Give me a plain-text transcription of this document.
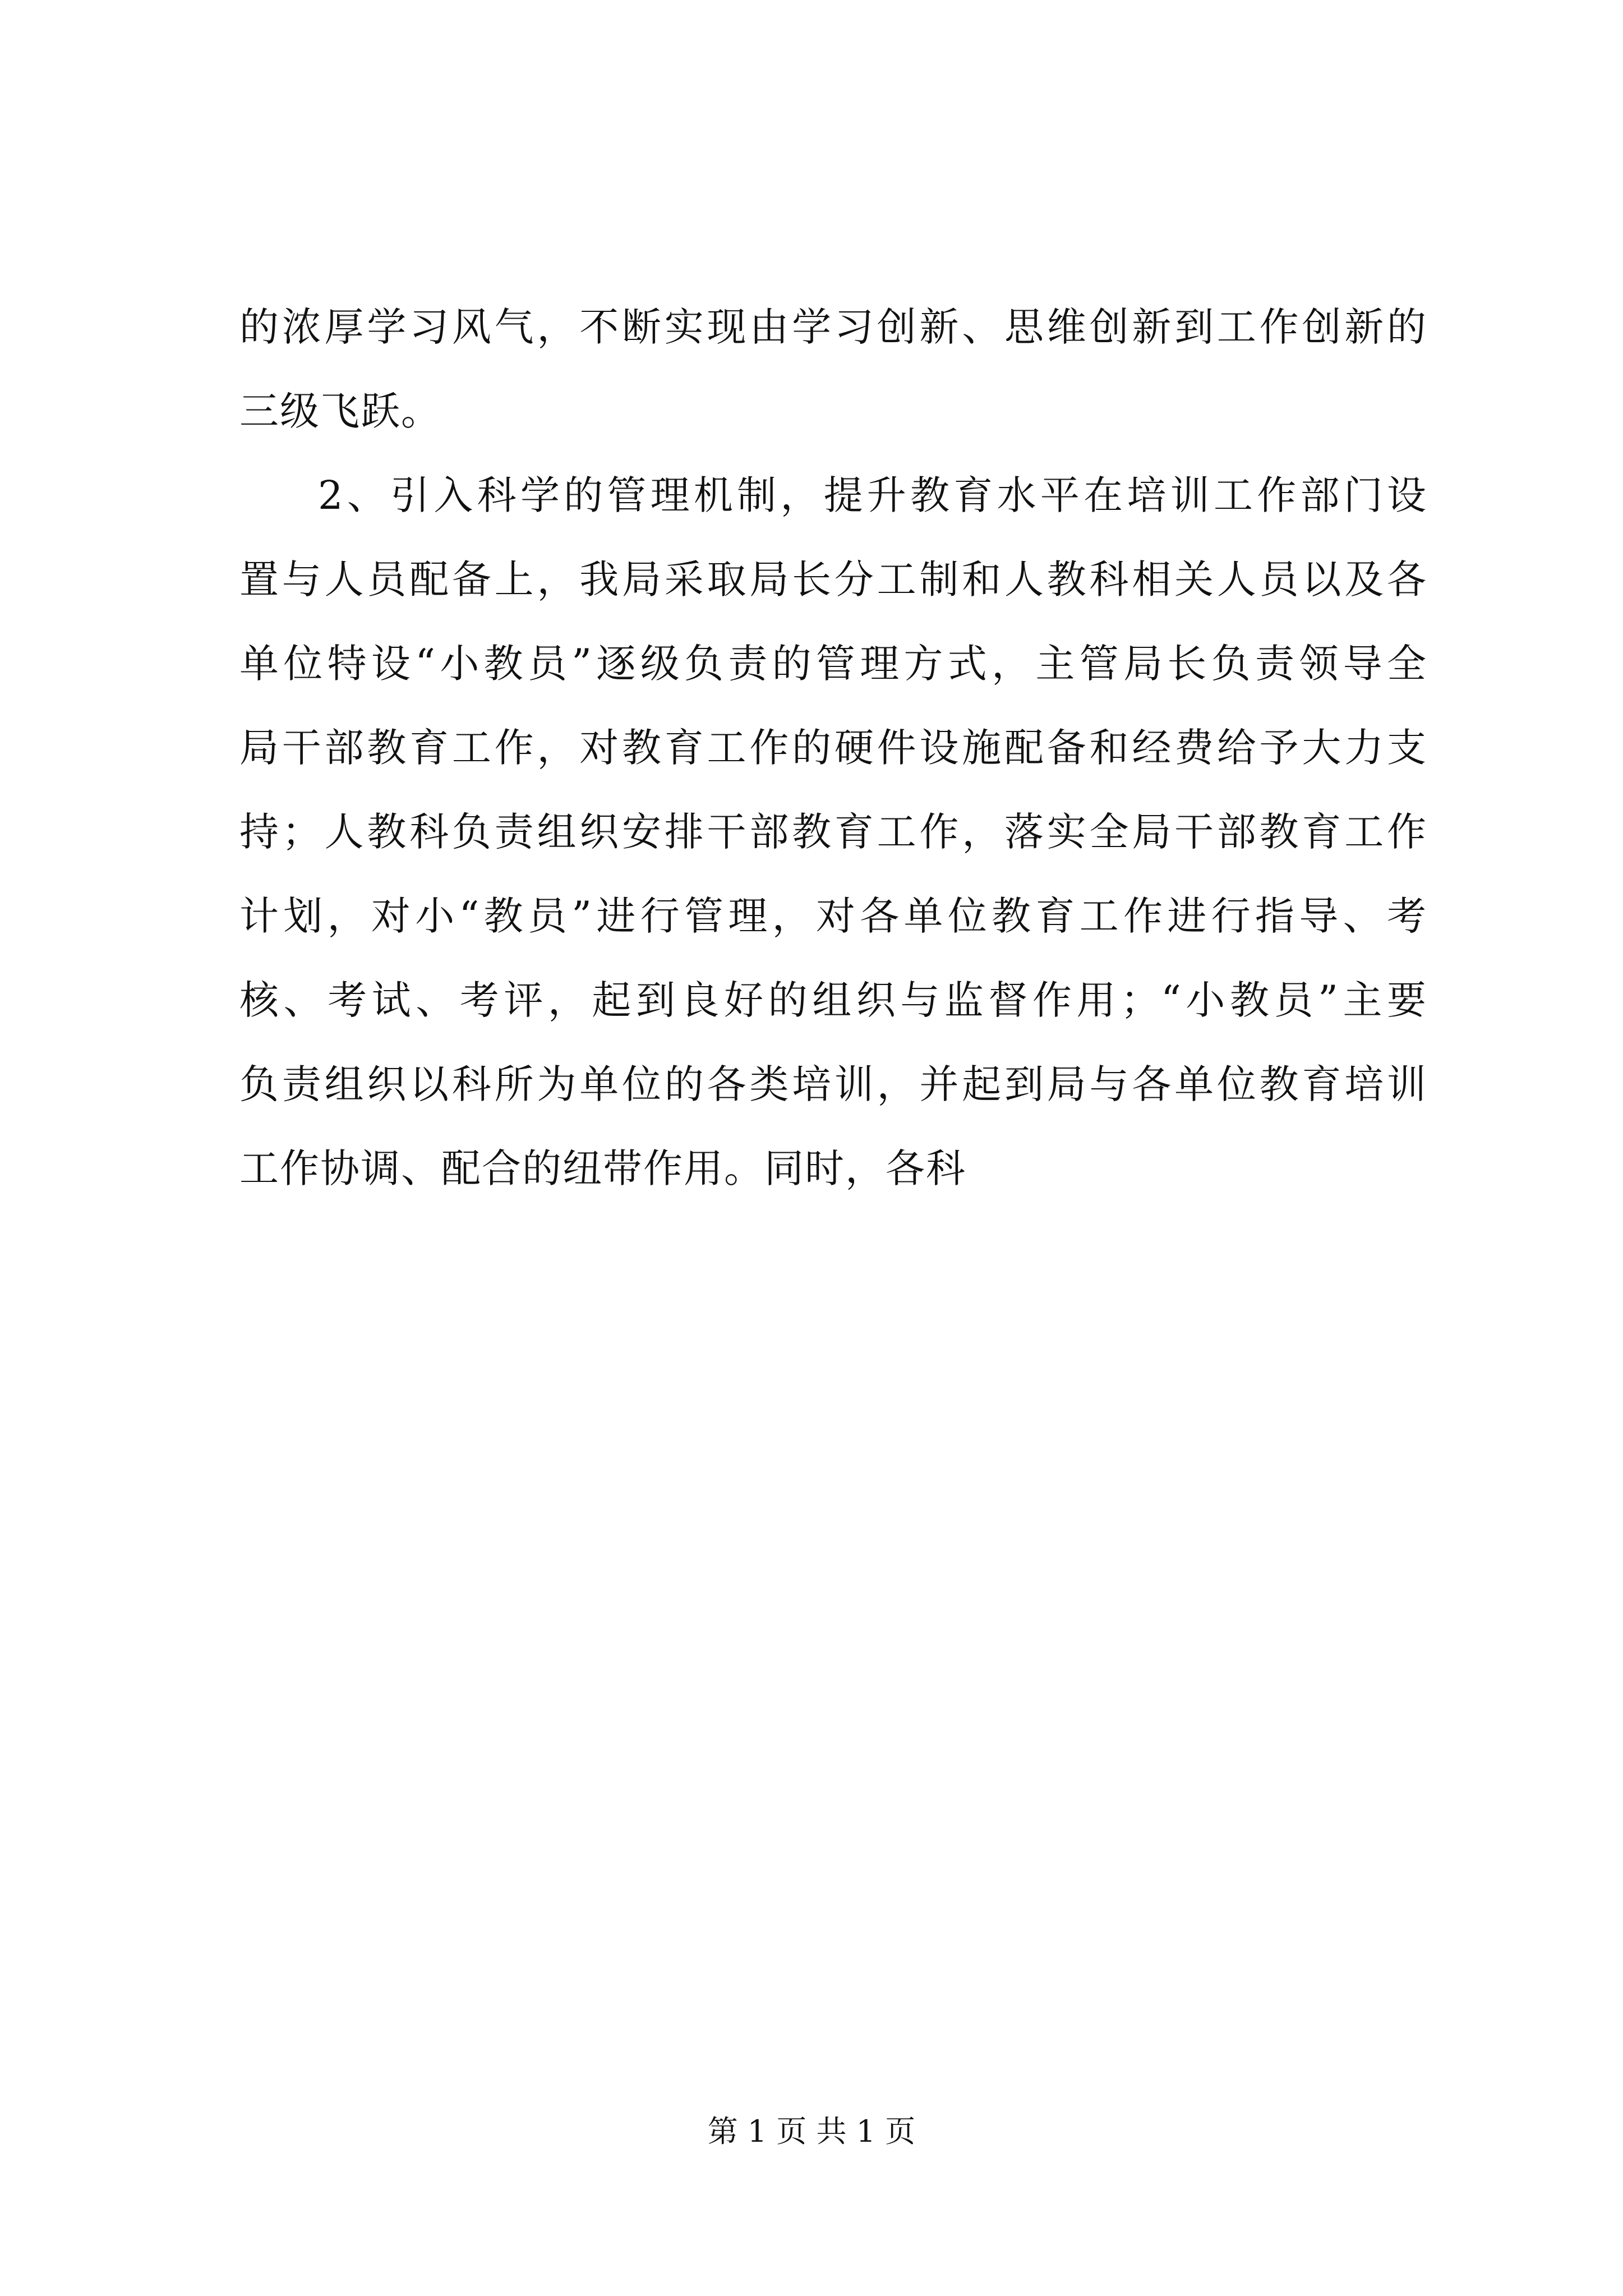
的浓厚学习风气，不断实现由学习创新、思维创新到工作创新的
三级飞跃。
2、引入科学的管理机制，提升教育水平在培训工作部门设
置与人员配备上，我局采取局长分工制和人教科相关人员以及各
单位特设“小教员”逐级负责的管理方式，主管局长负责领导全
局干部教育工作，对教育工作的硬件设施配备和经费给予大力支
持；人教科负责组织安排干部教育工作，落实全局干部教育工作
计划，对小“教员”进行管理，对各单位教育工作进行指导、考
核、考试、考评，起到良好的组织与监督作用；“小教员”主要
负责组织以科所为单位的各类培训，并起到局与各单位教育培训
工作协调、配合的纽带作用。同时，各科
第 1 页 共 1 页
